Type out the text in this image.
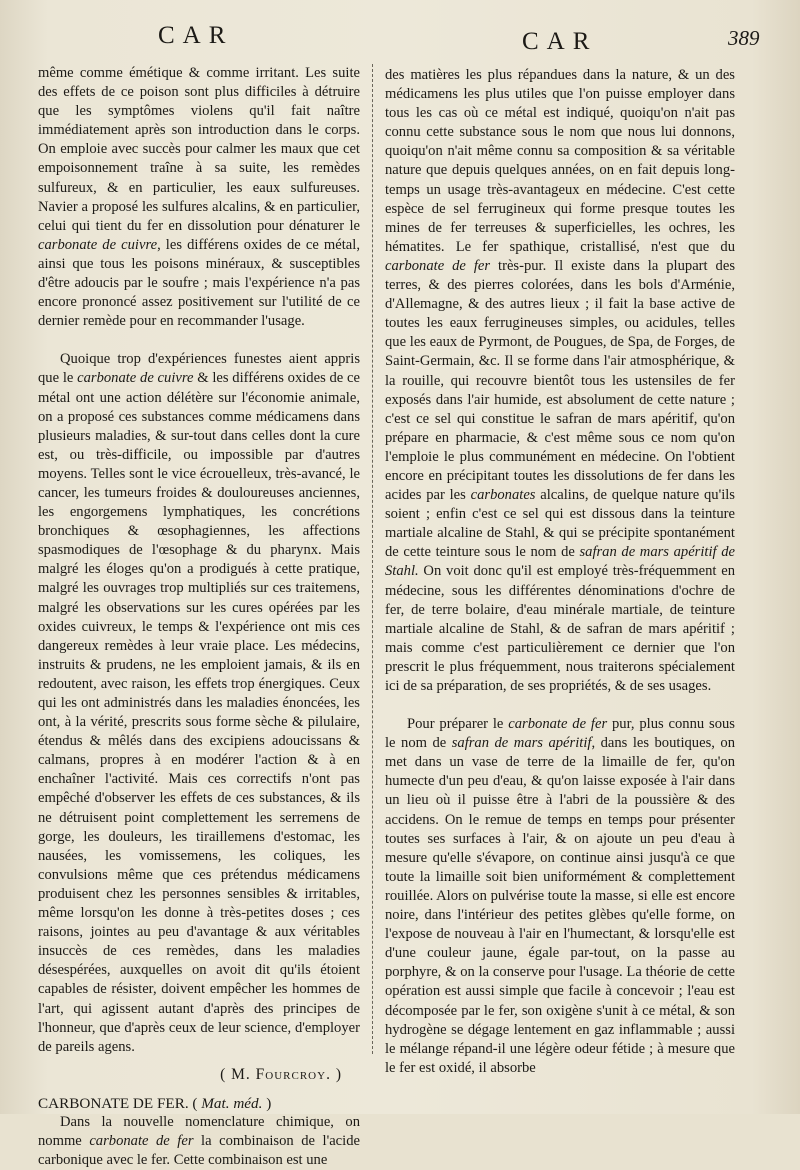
CAR	CAR	389

même comme émétique & comme irritant. Les suite des effets de ce poison sont plus difficiles à détruire que les symptômes violens qu'il fait naître immédiatement après son introduction dans le corps. On emploie avec succès pour calmer les maux que cet empoisonnement traîne à sa suite, les remèdes sulfureux, & en particulier, les eaux sulfureuses. Navier a proposé les sulfures alcalins, & en particulier, celui qui tient du fer en dissolution pour dénaturer le carbonate de cuivre, les différens oxides de ce métal, ainsi que tous les poisons minéraux, & susceptibles d'être adoucis par le soufre ; mais l'expérience n'a pas encore prononcé assez positivement sur l'utilité de ce dernier remède pour en recommander l'usage.

Quoique trop d'expériences funestes aient appris que le carbonate de cuivre & les différens oxides de ce métal ont une action délétère sur l'économie animale, on a proposé ces substances comme médicamens dans plusieurs maladies, & sur-tout dans celles dont la cure est, ou très-difficile, ou impossible par d'autres moyens. Telles sont le vice écrouelleux, très-avancé, le cancer, les tumeurs froides & douloureuses anciennes, les engorgemens lymphatiques, les concrétions bronchiques & œsophagiennes, les affections spasmodiques de l'œsophage & du pharynx. Mais malgré les éloges qu'on a prodigués à cette pratique, malgré les ouvrages trop multipliés sur ces traitemens, malgré les observations sur les cures opérées par les oxides cuivreux, le temps & l'expérience ont mis ces dangereux remèdes à leur vraie place. Les médecins, instruits & prudens, ne les emploient jamais, & ils en redoutent, avec raison, les effets trop énergiques. Ceux qui les ont administrés dans les maladies énoncées, les ont, à la vérité, prescrits sous forme sèche & pilulaire, étendus & mêlés dans des excipiens adoucissans & calmans, propres à en modérer l'action & à en enchaîner l'activité. Mais ces correctifs n'ont pas empêché d'observer les effets de ces substances, & ils ne détruisent point complettement les serremens de gorge, les douleurs, les tiraillemens d'estomac, les nausées, les vomissemens, les coliques, les convulsions même que ces prétendus médicamens produisent chez les personnes sensibles & irritables, même lorsqu'on les donne à très-petites doses ; ces raisons, jointes au peu d'avantage & aux véritables insuccès de ces remèdes, dans les maladies désespérées, auxquelles on avoit dit qu'ils étoient capables de résister, doivent empêcher les hommes de l'art, qui agissent autant d'après des principes de l'honneur, que d'après ceux de leur science, d'employer de pareils agens.

( M. Fourcroy. )

CARBONATE DE FER. ( Mat. méd. )

Dans la nouvelle nomenclature chimique, on nomme carbonate de fer la combinaison de l'acide carbonique avec le fer. Cette combinaison est une

des matières les plus répandues dans la nature, & un des médicamens les plus utiles que l'on puisse employer dans tous les cas où ce métal est indiqué, quoiqu'on n'ait pas connu cette substance sous le nom que nous lui donnons, quoiqu'on n'ait même connu sa composition & sa véritable nature que depuis quelques années, on en fait depuis long-temps un usage très-avantageux en médecine. C'est cette espèce de sel ferrugineux qui forme presque toutes les mines de fer terreuses & superficielles, les ochres, les hématites. Le fer spathique, cristallisé, n'est que du carbonate de fer très-pur. Il existe dans la plupart des terres, & des pierres colorées, dans les bols d'Arménie, d'Allemagne, & des autres lieux ; il fait la base active de toutes les eaux ferrugineuses simples, ou acidules, telles que les eaux de Pyrmont, de Pougues, de Spa, de Forges, de Saint-Germain, &c. Il se forme dans l'air atmosphérique, & la rouille, qui recouvre bientôt tous les ustensiles de fer exposés dans l'air humide, est absolument de cette nature ; c'est ce sel qui constitue le safran de mars apéritif, qu'on prépare en pharmacie, & c'est même sous ce nom qu'on l'emploie le plus communément en médecine. On l'obtient encore en précipitant toutes les dissolutions de fer dans les acides par les carbonates alcalins, de quelque nature qu'ils soient ; enfin c'est ce sel qui est dissous dans la teinture martiale alcaline de Stahl, & qui se précipite spontanément de cette teinture sous le nom de safran de mars apéritif de Stahl. On voit donc qu'il est employé très-fréquemment en médecine, sous les différentes dénominations d'ochre de fer, de terre bolaire, d'eau minérale martiale, de teinture martiale alcaline de Stahl, & de safran de mars apéritif ; mais comme c'est particulièrement ce dernier que l'on prescrit le plus fréquemment, nous traiterons spécialement ici de sa préparation, de ses propriétés, & de ses usages.

Pour préparer le carbonate de fer pur, plus connu sous le nom de safran de mars apéritif, dans les boutiques, on met dans un vase de terre de la limaille de fer, qu'on humecte d'un peu d'eau, & qu'on laisse exposée à l'air dans un lieu où il puisse être à l'abri de la poussière & des accidens. On le remue de temps en temps pour présenter toutes ses surfaces à l'air, & on ajoute un peu d'eau à mesure qu'elle s'évapore, on continue ainsi jusqu'à ce que toute la limaille soit bien uniformément & complettement rouillée. Alors on pulvérise toute la masse, si elle est encore noire, dans l'intérieur des petites glèbes qu'elle forme, on l'expose de nouveau à l'air en l'humectant, & lorsqu'elle est d'une couleur jaune, égale par-tout, on la passe au porphyre, & on la conserve pour l'usage. La théorie de cette opération est aussi simple que facile à concevoir ; l'eau est décomposée par le fer, son oxigène s'unit à ce métal, & son hydrogène se dégage lentement en gaz inflammable ; aussi le mélange répand-il une légère odeur fétide ; à mesure que le fer est oxidé, il absorbe
